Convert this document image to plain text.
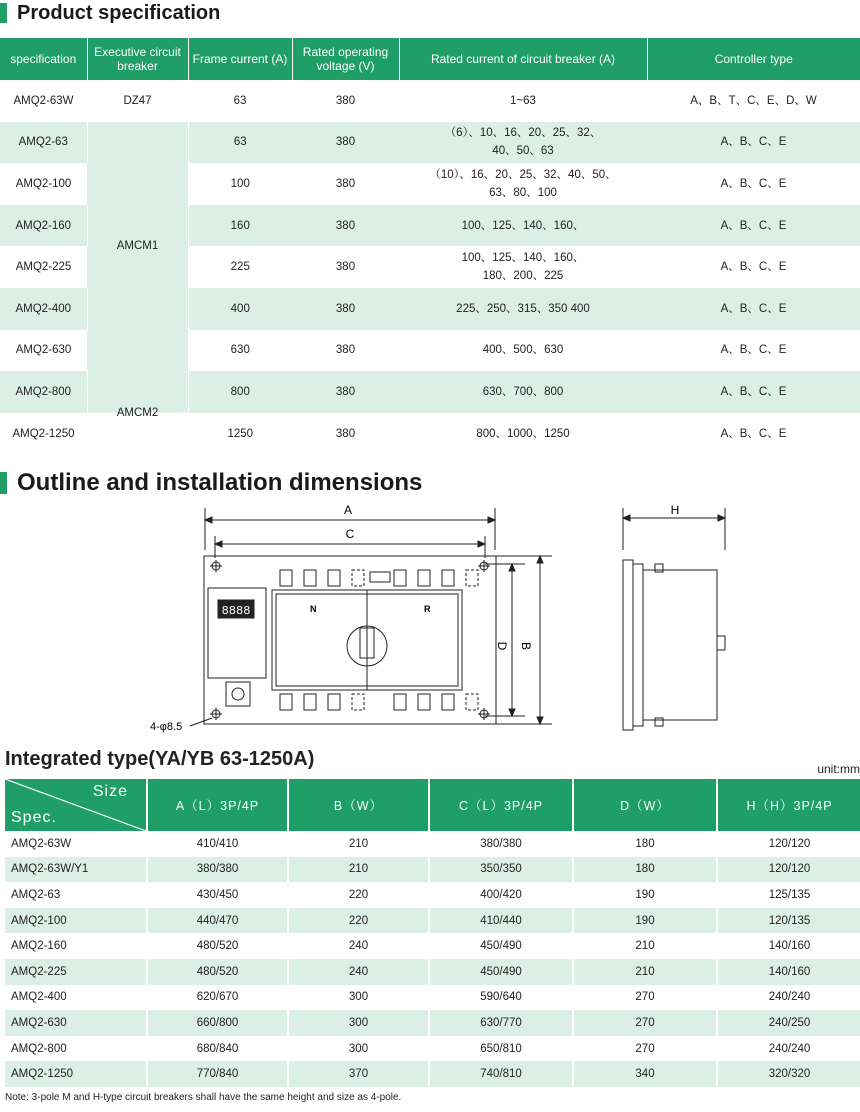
Product specification
specification	Executive circuit breaker	Frame current (A)	Rated operating voltage (V)	Rated current of circuit breaker (A)	Controller type
AMQ2-63W	DZ47	63	380	1~63	A、B、T、C、E、D、W
AMQ2-63	AMCM1	63	380	（6）、10、16、20、25、32、
40、50、63	A、B、C、E
AMQ2-100		100	380	（10）、16、20、25、32、40、50、
63、80、100	A、B、C、E
AMQ2-160		160	380	100、125、140、160、	A、B、C、E
AMQ2-225		225	380	100、125、140、160、
180、200、225	A、B、C、E
AMQ2-400		400	380	225、250、315、350 400	A、B、C、E
AMQ2-630		630	380	400、500、630	A、B、C、E
AMQ2-800	AMCM2	800	380	630、700、800	A、B、C、E
AMQ2-1250		1250	380	800、1000、1250	A、B、C、E
Outline and installation dimensions
A
C
B
D
N	R
4-φ8.5
8888
H
Integrated type(YA/YB 63-1250A)	unit:mm
Size
Spec.	A（L）3P/4P	B（W）	C（L）3P/4P	D（W）	H（H）3P/4P
AMQ2-63W	410/410	210	380/380	180	120/120
AMQ2-63W/Y1	380/380	210	350/350	180	120/120
AMQ2-63	430/450	220	400/420	190	125/135
AMQ2-100	440/470	220	410/440	190	120/135
AMQ2-160	480/520	240	450/490	210	140/160
AMQ2-225	480/520	240	450/490	210	140/160
AMQ2-400	620/670	300	590/640	270	240/240
AMQ2-630	660/800	300	630/770	270	240/250
AMQ2-800	680/840	300	650/810	270	240/240
AMQ2-1250	770/840	370	740/810	340	320/320
Note: 3-pole M and H-type circuit breakers shall have the same height and size as 4-pole.
